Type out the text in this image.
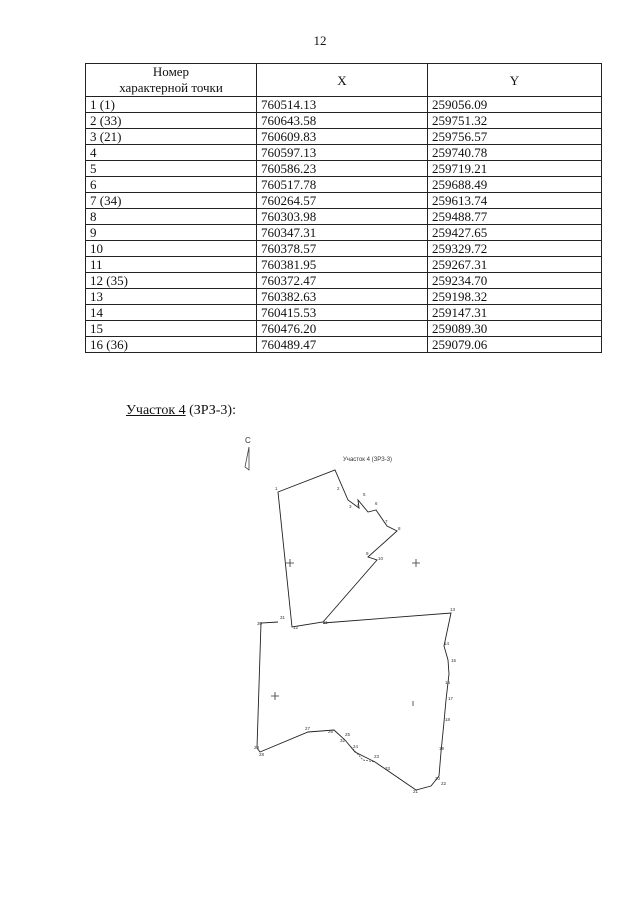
12
Номер
характерной точки	X	Y
1 (1)	760514.13	259056.09
2 (33)	760643.58	259751.32
3 (21)	760609.83	259756.57
4	760597.13	259740.78
5	760586.23	259719.21
6	760517.78	259688.49
7 (34)	760264.57	259613.74
8	760303.98	259488.77
9	760347.31	259427.65
10	760378.57	259329.72
11	760381.95	259267.31
12 (35)	760372.47	259234.70
13	760382.63	259198.32
14	760415.53	259147.31
15	760476.20	259089.30
16 (36)	760489.47	259079.06
Участок 4 (ЗРЗ-3):
С
Участок 4 (ЗРЗ-3)
1	2
3 4
5
6
7
8
9
10
11
12
13
14
15
16
17
18
19
20
21
22
23
24
25
26
27
28
29
30
31
32
33
